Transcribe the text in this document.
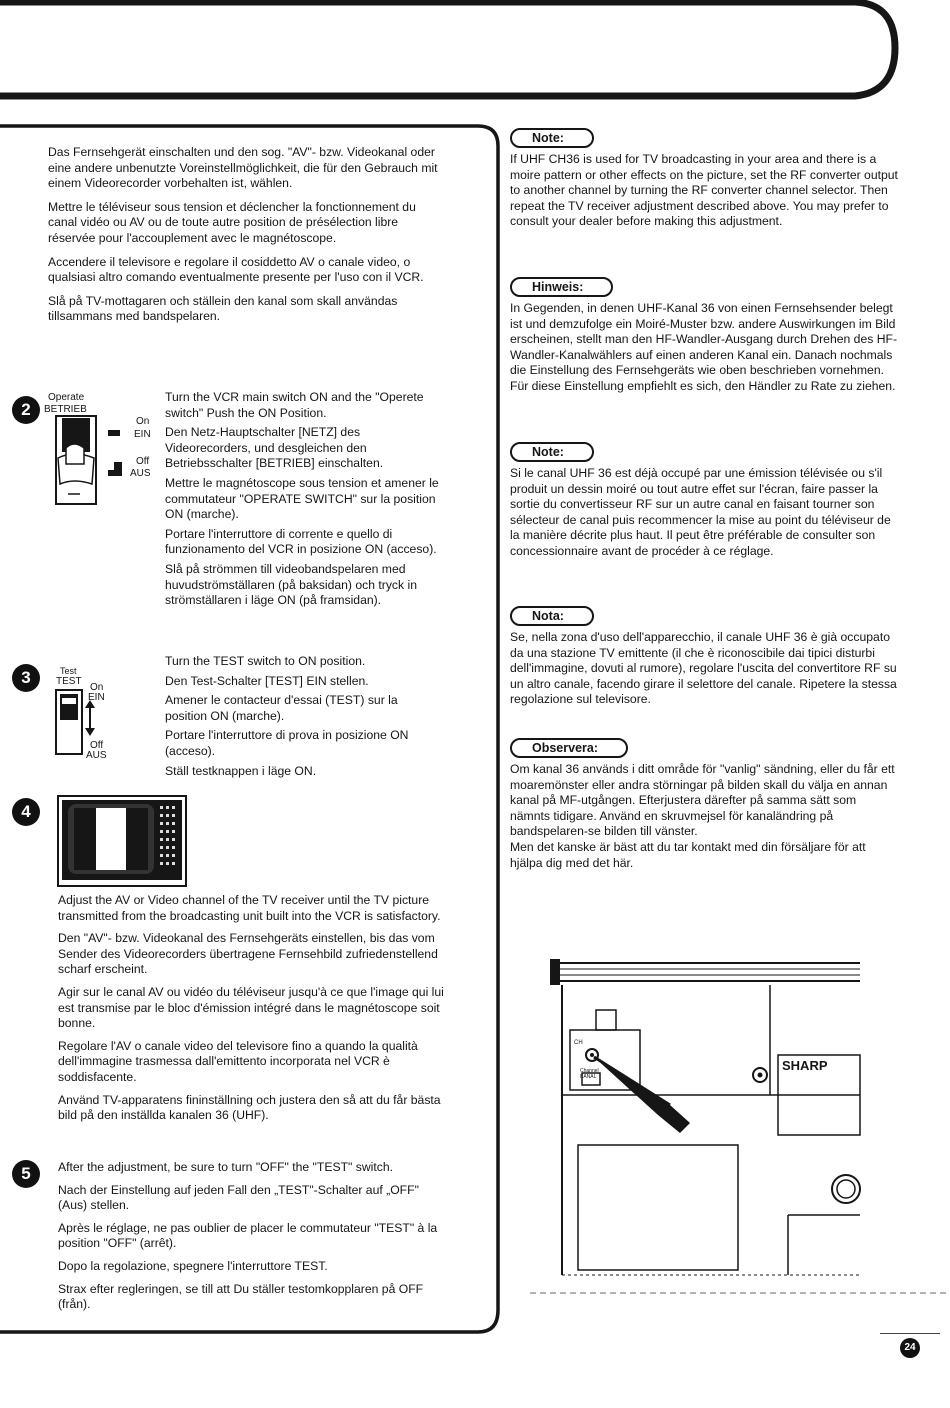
Das Fernsehgerät einschalten und den sog. "AV"- bzw. Videokanal oder eine andere unbenutzte Voreinstellmöglichkeit, die für den Gebrauch mit einem Videorecorder vorbehalten ist, wählen.

Mettre le téléviseur sous tension et déclencher la fonctionnement du canal vidéo ou AV ou de toute autre position de présélection libre réservée pour l'accouplement avec le magnétoscope.

Accendere il televisore e regolare il cosiddetto AV o canale video, o qualsiasi altro comando eventualmente presente per l'uso con il VCR.

Slå på TV-mottagaren och ställein den kanal som skall användas tillsammans med bandspelaren.

2
Operate
BETRIEB
On
EIN
Off
AUS

Turn the VCR main switch ON and the "Operete switch" Push the ON Position.

Den Netz-Hauptschalter [NETZ] des Videorecorders, und desgleichen den Betriebsschalter [BETRIEB] einschalten.

Mettre le magnétoscope sous tension et amener le commutateur "OPERATE SWITCH" sur la position ON (marche).

Portare l'interruttore di corrente e quello di funzionamento del VCR in posizione ON (acceso).

Slå på strömmen till videobandspelaren med huvudströmställaren (på baksidan) och tryck in strömställaren i läge ON (på framsidan).

3	Test
TEST
On
EIN
Off
AUS

Turn the TEST switch to ON position.

Den Test-Schalter [TEST] EIN stellen.

Amener le contacteur d'essai (TEST) sur la position ON (marche).

Portare l'interruttore di prova in posizione ON (acceso).

Ställ testknappen i läge ON.

4

Adjust the AV or Video channel of the TV receiver until the TV picture transmitted from the broadcasting unit built into the VCR is satisfactory.

Den "AV"- bzw. Videokanal des Fernsehgeräts einstellen, bis das vom Sender des Videorecorders übertragene Fernsehbild zufriedenstellend scharf erscheint.

Agir sur le canal AV ou vidéo du téléviseur jusqu'à ce que l'image qui lui est transmise par le bloc d'émission intégré dans le magnétoscope soit bonne.

Regolare l'AV o canale video del televisore fino a quando la qualità dell'immagine trasmessa dall'emittento incorporata nel VCR è soddisfacente.

Använd TV-apparatens fininställning och justera den så att du får bästa bild på den inställda kanalen 36 (UHF).

5	After the adjustment, be sure to turn "OFF" the "TEST" switch.

Nach der Einstellung auf jeden Fall den „TEST"-Schalter auf „OFF" (Aus) stellen.

Après le réglage, ne pas oublier de placer le commutateur "TEST" à la position "OFF" (arrêt).

Dopo la regolazione, spegnere l'interruttore TEST.

Strax efter regleringen, se till att Du ställer testomkopplaren på OFF (från).

Note:

If UHF CH36 is used for TV broadcasting in your area and there is a moire pattern or other effects on the picture, set the RF converter output to another channel by turning the RF converter channel selector. Then repeat the TV receiver adjustment described above. You may prefer to consult your dealer before making this adjustment.

Hinweis:

In Gegenden, in denen UHF-Kanal 36 von einen Fernsehsender belegt ist und demzufolge ein Moiré-Muster bzw. andere Auswirkungen im Bild erscheinen, stellt man den HF-Wandler-Ausgang durch Drehen des HF-Wandler-Kanalwählers auf einen anderen Kanal ein. Danach nochmals die Einstellung des Fernsehgeräts wie oben beschrieben vornehmen. Für diese Einstellung empfiehlt es sich, den Händler zu Rate zu ziehen.

Note:

Si le canal UHF 36 est déjà occupé par une émission télévisée ou s'il produit un dessin moiré ou tout autre effet sur l'écran, faire passer la sortie du convertisseur RF sur un autre canal en faisant tourner son sélecteur de canal puis recommencer la mise au point du téléviseur de la manière décrite plus haut. Il peut être préférable de consulter son concessionnaire avant de procéder à ce réglage.

Nota:

Se, nella zona d'uso dell'apparecchio, il canale UHF 36 è già occupato da una stazione TV emittente (il che è riconoscibile dai tipici disturbi dell'immagine, dovuti al rumore), regolare l'uscita del convertitore RF su un altro canale, facendo girare il selettore del canale. Ripetere la stessa regolazione sul televisore.

Observera:

Om kanal 36 används i ditt område för "vanlig" sändning, eller du får ett moaremönster eller andra störningar på bilden skall du välja en annan kanal på MF-utgången. Efterjustera därefter på samma sätt som nämnts tidigare. Använd en skruvmejsel för kanaländring på bandspelaren-se bilden till vänster.

Men det kanske är bäst att du tar kontakt med din försäljare för att hjälpa dig med det här.

SHARP
CH
Channel KANAL
24
